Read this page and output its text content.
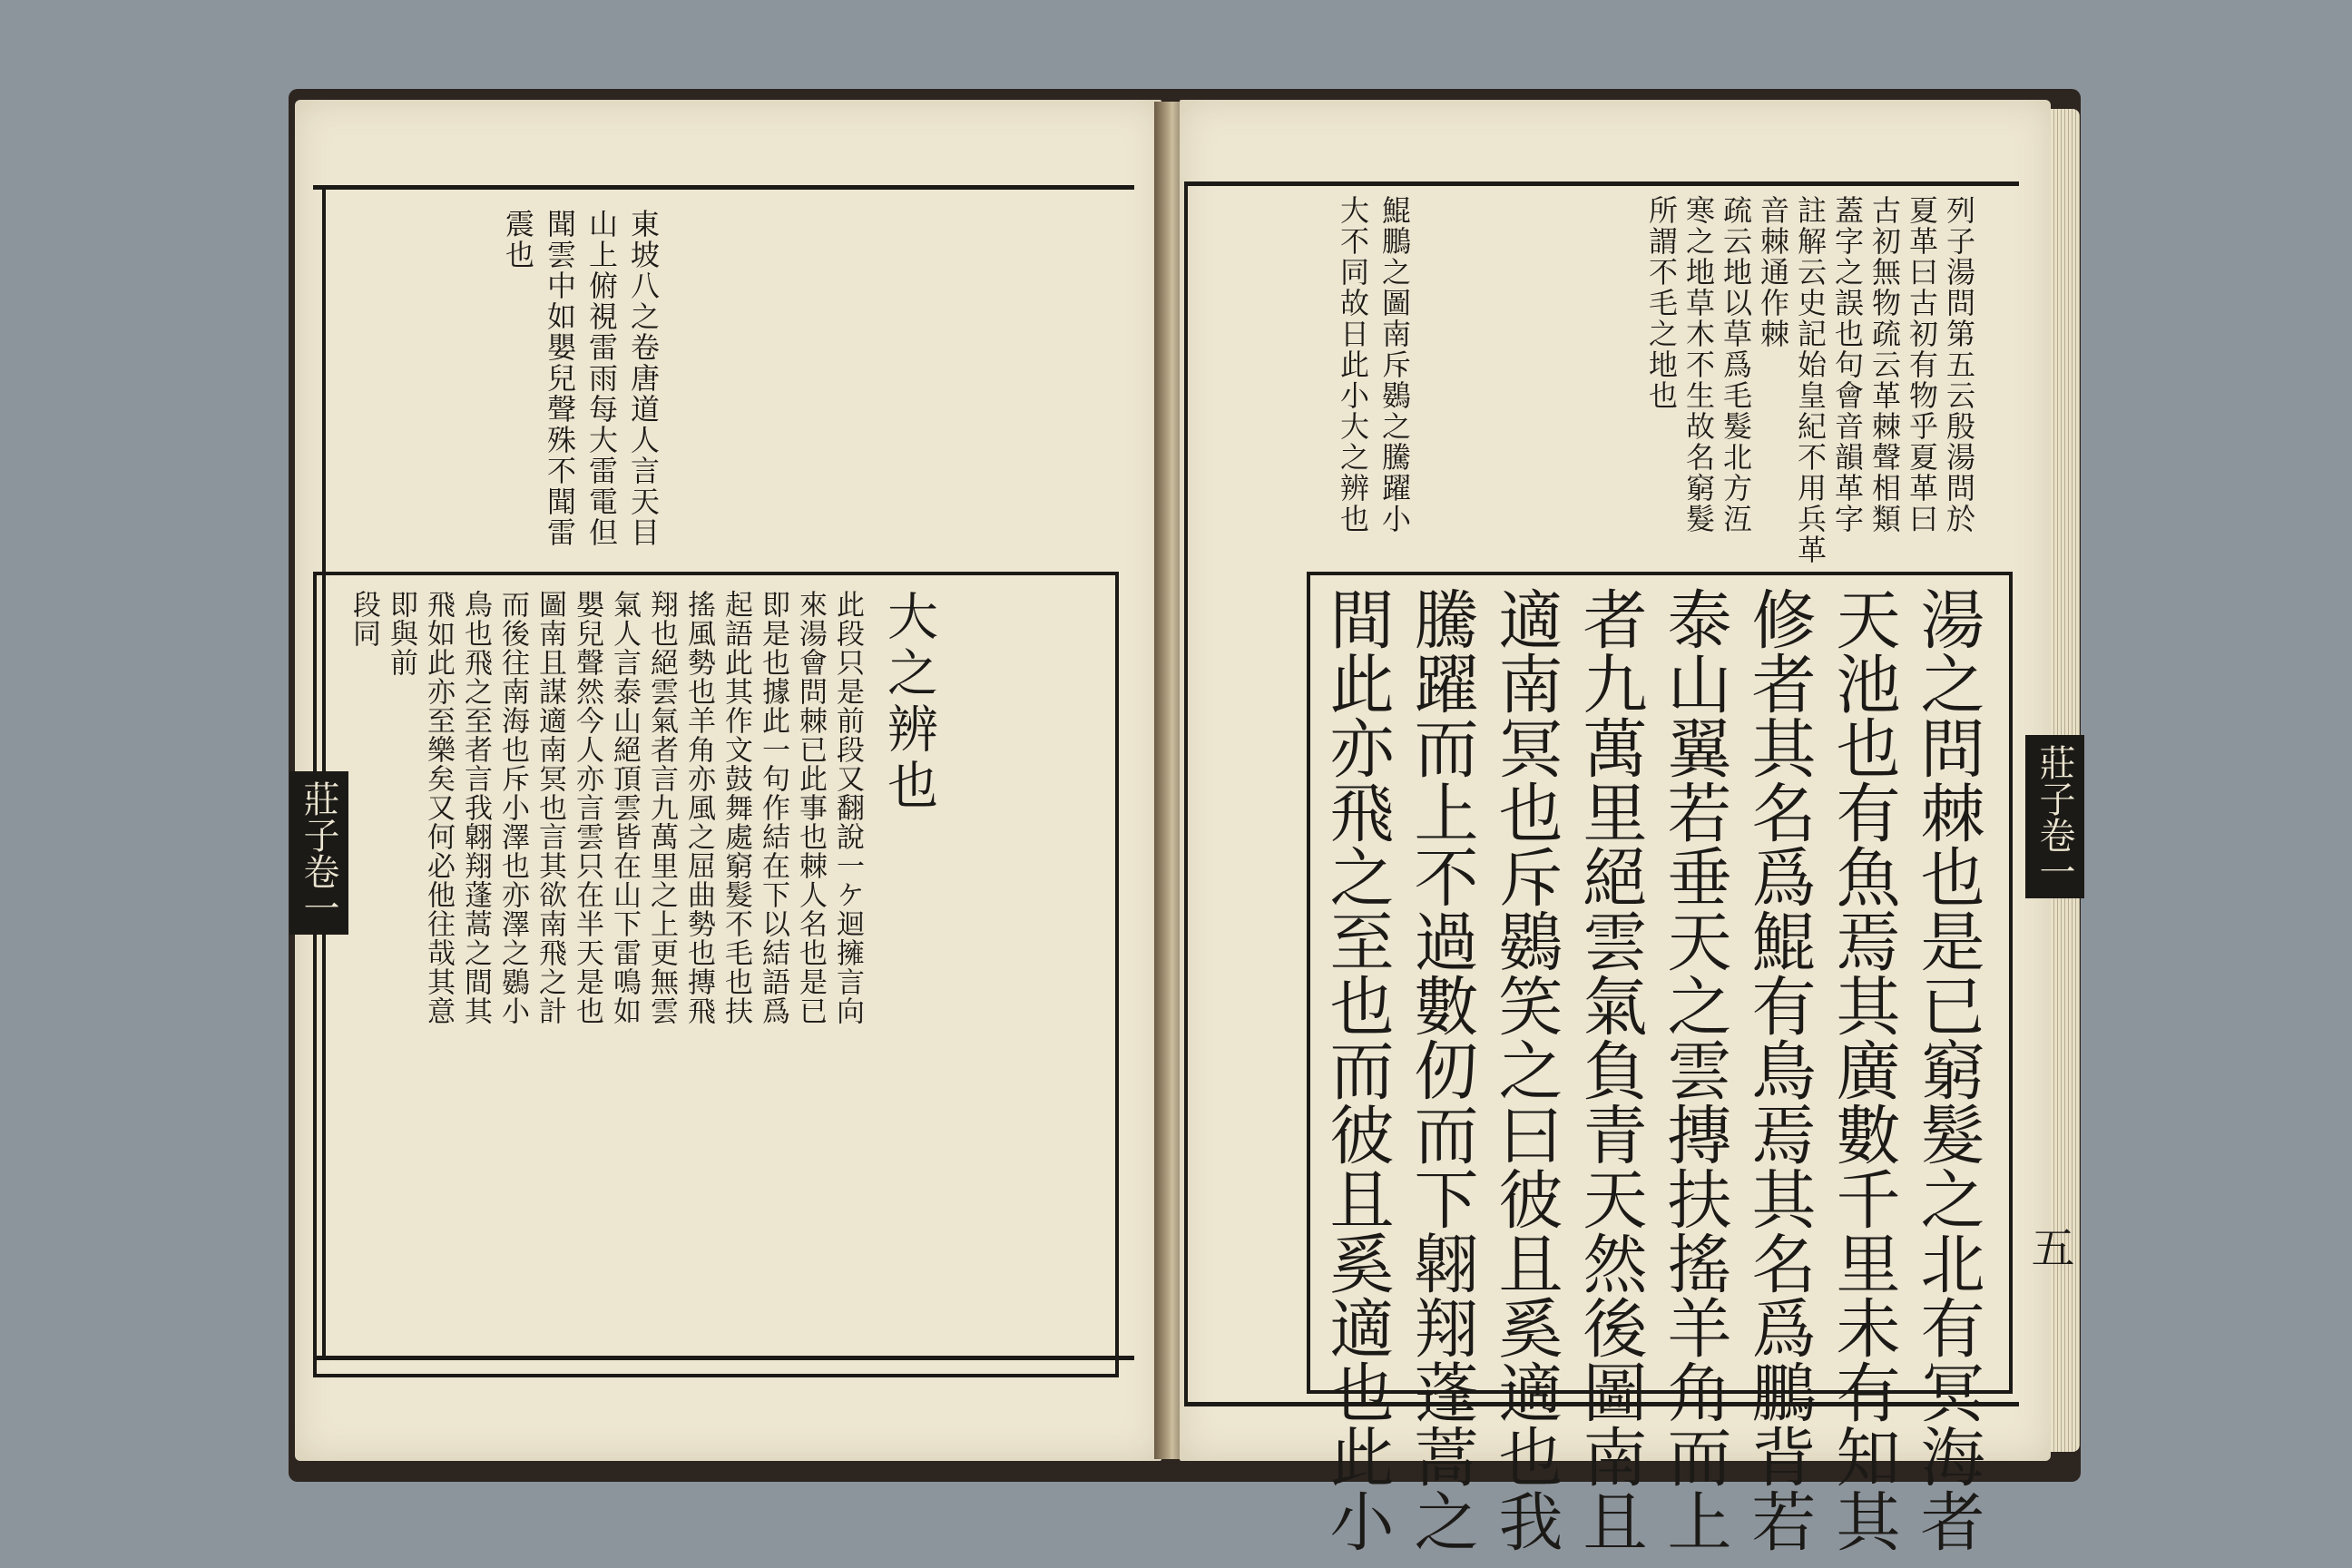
東坡八之卷唐道人言天目
山上俯視雷雨每大雷電但
聞雲中如嬰兒聲殊不聞雷
震也
大之辨也
此段只是前段又翻說一ケ迴擁言向
來湯會問棘已此事也棘人名也是已
即是也據此一句作結在下以結語爲
起語此其作文鼓舞處窮髮不毛也扶
搖風勢也羊角亦風之屈曲勢也摶飛
翔也絕雲氣者言九萬里之上更無雲
氣人言泰山絕頂雲皆在山下雷鳴如
嬰兒聲然今人亦言雲只在半天是也
圖南且謀適南冥也言其欲南飛之計
而後往南海也斥小澤也亦澤之鷃小
鳥也飛之至者言我翺翔蓬蒿之間其
飛如此亦至樂矣又何必他往哉其意
即與前
段同
莊子卷一
列子湯問第五云殷湯問於
夏革曰古初有物乎夏革曰
古初無物疏云革棘聲相類
蓋字之誤也句會音韻革字
註解云史記始皇紀不用兵革
音棘通作棘
疏云地以草爲毛髮北方沍
寒之地草木不生故名窮髮
所謂不毛之地也
鯤鵬之圖南斥鷃之騰躍小
大不同故日此小大之辨也
湯之問棘也是已窮髮之北有冥海者
天池也有魚焉其廣數千里未有知其
修者其名爲鯤有鳥焉其名爲鵬背若
泰山翼若垂天之雲摶扶搖羊角而上
者九萬里絕雲氣負青天然後圖南且
適南冥也斥鷃笑之曰彼且奚適也我
騰躍而上不過數仞而下翺翔蓬蒿之
間此亦飛之至也而彼且奚適也此小	莊子卷一
五
